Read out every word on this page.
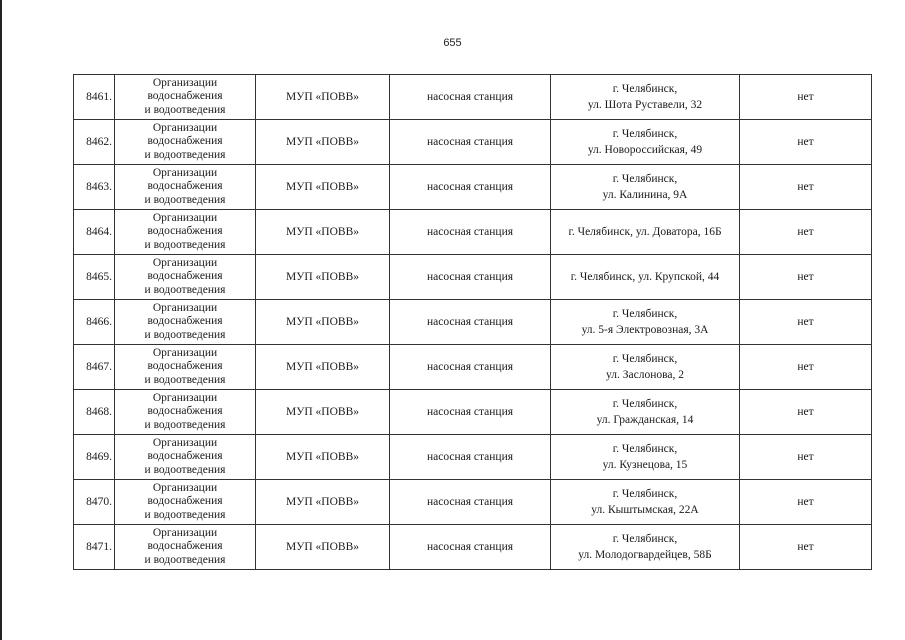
655
8461.	Организации
водоснабжения
и водоотведения	МУП «ПОВВ»	насосная станция	г. Челябинск,
ул. Шота Руставели, 32	нет
8462.	Организации
водоснабжения
и водоотведения	МУП «ПОВВ»	насосная станция	г. Челябинск,
ул. Новороссийская, 49	нет
8463.	Организации
водоснабжения
и водоотведения	МУП «ПОВВ»	насосная станция	г. Челябинск,
ул. Калинина, 9А	нет
8464.	Организации
водоснабжения
и водоотведения	МУП «ПОВВ»	насосная станция	г. Челябинск, ул. Доватора, 16Б	нет
8465.	Организации
водоснабжения
и водоотведения	МУП «ПОВВ»	насосная станция	г. Челябинск, ул. Крупской, 44	нет
8466.	Организации
водоснабжения
и водоотведения	МУП «ПОВВ»	насосная станция	г. Челябинск,
ул. 5-я Электровозная, 3А	нет
8467.	Организации
водоснабжения
и водоотведения	МУП «ПОВВ»	насосная станция	г. Челябинск,
ул. Заслонова, 2	нет
8468.	Организации
водоснабжения
и водоотведения	МУП «ПОВВ»	насосная станция	г. Челябинск,
ул. Гражданская, 14	нет
8469.	Организации
водоснабжения
и водоотведения	МУП «ПОВВ»	насосная станция	г. Челябинск,
ул. Кузнецова, 15	нет
8470.	Организации
водоснабжения
и водоотведения	МУП «ПОВВ»	насосная станция	г. Челябинск,
ул. Кыштымская, 22А	нет
8471.	Организации
водоснабжения
и водоотведения	МУП «ПОВВ»	насосная станция	г. Челябинск,
ул. Молодогвардейцев, 58Б	нет
